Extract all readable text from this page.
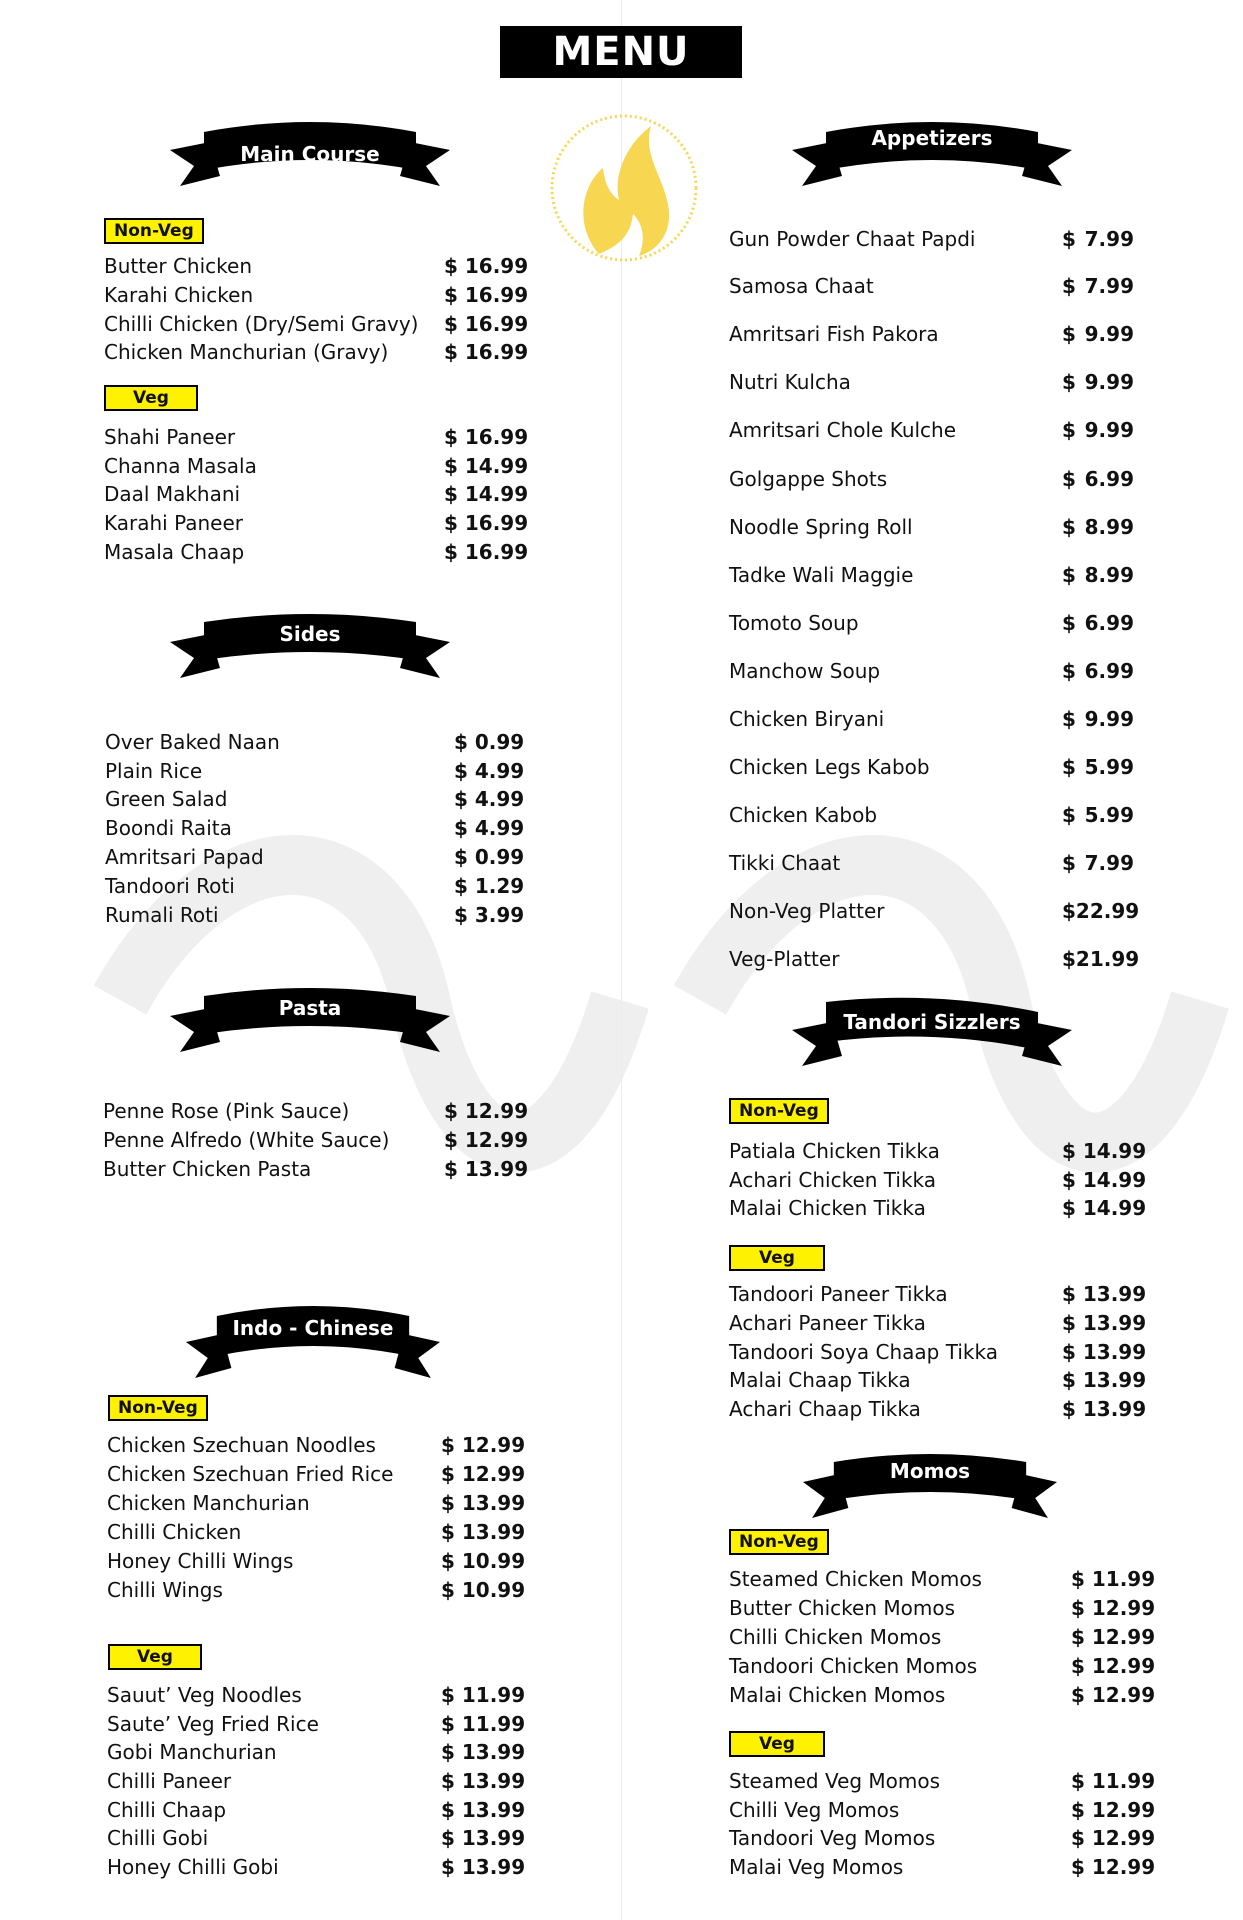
MENU
Main Course
Non-Veg
Butter Chicken	$ 16.99
Karahi Chicken	$ 16.99
Chilli Chicken (Dry/Semi Gravy) $ 16.99
Chicken Manchurian (Gravy)	$ 16.99
Veg
Shahi Paneer	$ 16.99
Channa Masala	$ 14.99
Daal Makhani	$ 14.99
Karahi Paneer	$ 16.99
Masala Chaap	$ 16.99
Sides
Over Baked Naan	$ 0.99
Plain Rice	$ 4.99
Green Salad	$ 4.99
Boondi Raita	$ 4.99
Amritsari Papad	$ 0.99
Tandoori Roti	$ 1.29
Rumali Roti	$ 3.99
Pasta
Penne Rose (Pink Sauce)	$ 12.99
Penne Alfredo (White Sauce)	$ 12.99
Butter Chicken Pasta	$ 13.99
Indo - Chinese
Non-Veg
Chicken Szechuan Noodles	$ 12.99
Chicken Szechuan Fried Rice $ 12.99
Chicken Manchurian	$ 13.99
Chilli Chicken	$ 13.99
Honey Chilli Wings	$ 10.99
Chilli Wings	$ 10.99
Veg
Sauut’ Veg Noodles	$ 11.99
Saute’ Veg Fried Rice	$ 11.99
Gobi Manchurian	$ 13.99
Chilli Paneer	$ 13.99
Chilli Chaap	$ 13.99
Chilli Gobi	$ 13.99
Honey Chilli Gobi	$ 13.99
Appetizers
Gun Powder Chaat Papdi	$ 7.99
Samosa Chaat	$ 7.99
Amritsari Fish Pakora	$ 9.99
Nutri Kulcha	$ 9.99
Amritsari Chole Kulche	$ 9.99
Golgappe Shots	$ 6.99
Noodle Spring Roll	$ 8.99
Tadke Wali Maggie	$ 8.99
Tomoto Soup	$ 6.99
Manchow Soup	$ 6.99
Chicken Biryani	$ 9.99
Chicken Legs Kabob	$ 5.99
Chicken Kabob	$ 5.99
Tikki Chaat	$ 7.99
Non-Veg Platter	$ 22.99
Veg-Platter	$ 21.99
Tandori Sizzlers
Non-Veg
Patiala Chicken Tikka	$ 14.99
Achari Chicken Tikka	$ 14.99
Malai Chicken Tikka	$ 14.99
Veg
Tandoori Paneer Tikka	$ 13.99
Achari Paneer Tikka	$ 13.99
Tandoori Soya Chaap Tikka	$ 13.99
Malai Chaap Tikka	$ 13.99
Achari Chaap Tikka	$ 13.99
Momos
Non-Veg
Steamed Chicken Momos	$ 11.99
Butter Chicken Momos	$ 12.99
Chilli Chicken Momos	$ 12.99
Tandoori Chicken Momos	$ 12.99
Malai Chicken Momos	$ 12.99
Veg
Steamed Veg Momos	$ 11.99
Chilli Veg Momos	$ 12.99
Tandoori Veg Momos	$ 12.99
Malai Veg Momos	$ 12.99
